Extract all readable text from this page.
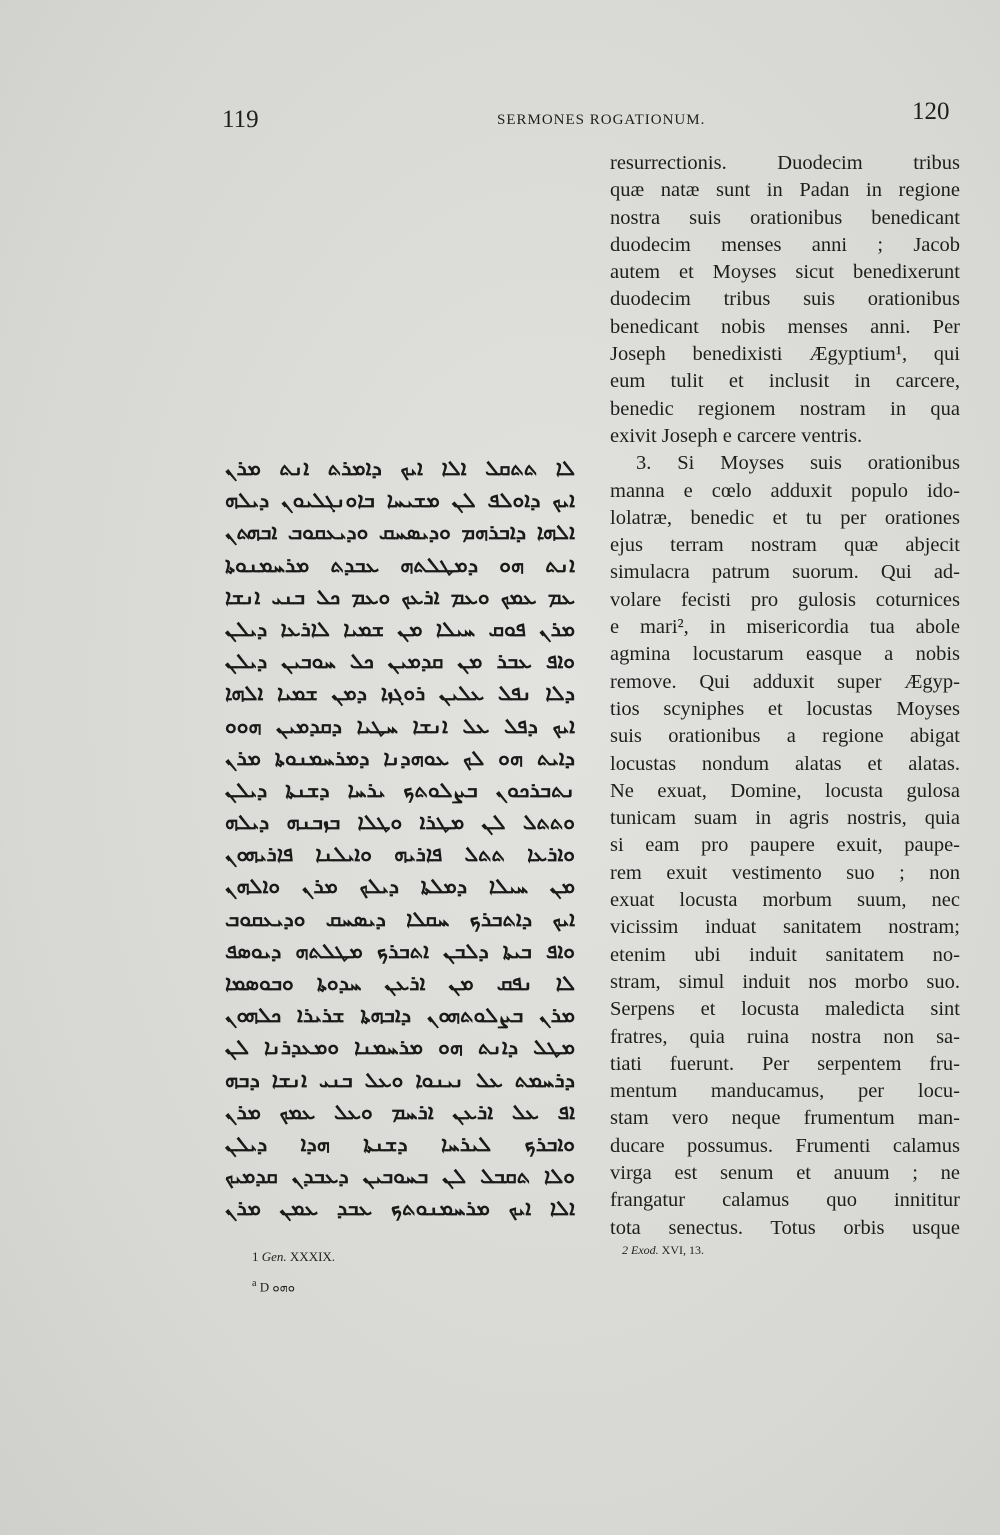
119	SERMONES ROGATIONUM.	120
ܠܐ ܬܬܩܠ ܐܠܐ ܐܝܟ ܕܐܡܪܬ ܐܢܬ ܡܪܢ
ܐܝܟ ܕܐܘܠܦ ܠܢ ܡܫܝܚܐ ܒܐܘܢܓܠܝܘܢ ܕܝܠܗ
ܐܠܗܐ ܕܐܒܪܗܡ ܘܕܝܣܚܩ ܘܕܝܥܩܘܒ ܐܒܗܬܢ
ܐܢܬ ܗܘ ܕܡܛܠܬܗ ܥܒܕܬ ܡܪܚܡܢܘܬܐ
ܥܡ ܥܡܟ ܘܥܡ ܐܪܥܟ ܘܥܡ ܟܠ ܒܢܝ ܐܢܫܐ
ܡܪܢ ܦܘܩ ܚܝܠܐ ܡܢ ܫܡܝܐ ܠܐܪܥܐ ܕܝܠܢ
ܘܐܦ ܥܒܪ ܡܢ ܩܕܡܝܢ ܟܠ ܚܘܒܝܢ ܕܝܠܢ
ܕܠܐ ܢܦܠ ܥܠܝܢ ܪܘܓܙܐ ܕܡܢ ܫܡܝܐ ܐܠܗܐ
ܐܝܟ ܕܦܠ ܥܠ ܐܢܫܐ ܚܛܝܐ ܕܩܕܡܝܢ ܗܘܘ
ܕܐܝܬ ܗܘ ܠܟ ܥܘܗܕܢܐ ܕܡܪܚܡܢܘܬܐ ܡܪܢ
ܢܬܒܪܟܘܢ ܒܨܠܘܬܟ ܝܪܚܐ ܕܫܢܬܐ ܕܝܠܢ
ܘܬܬܠ ܠܢ ܡܛܪܐ ܘܛܠܐ ܒܙܒܢܗ ܕܝܠܗ
ܘܐܪܥܐ ܬܬܠ ܦܐܪܝܗ ܘܐܝܠܢܐ ܦܐܪܝܗܘܢ
ܡܢ ܚܝܠܐ ܕܡܠܬܐ ܕܝܠܟ ܡܪܢ ܘܐܠܗܢ
ܐܝܟ ܕܐܬܒܪܟ ܚܩܠܐ ܕܝܣܚܩ ܘܕܝܥܩܘܒ
ܘܐܦ ܒܝܬܐ ܕܠܒܢ ܐܬܒܪܟ ܡܛܠܬܗ ܕܝܘܣܦ
ܠܐ ܢܦܩ ܡܢ ܐܪܥܢ ܚܕܘܬܐ ܘܒܘܣܡܐ
ܡܪܢ ܒܨܠܘܬܗܘܢ ܕܐܒܗܬܐ ܫܪܝܪܐ ܟܠܗܘܢ
ܡܛܠ ܕܐܢܬ ܗܘ ܡܪܚܡܢܐ ܘܡܥܕܪܢܐ ܠܢ
ܕܪܚܡܬ ܥܠ ܢܝܢܘܐ ܘܥܠ ܒܢܝ ܐܢܫܐ ܕܒܗ
ܐܦ ܥܠ ܐܪܥܢ ܐܪܚܡ ܘܥܠ ܥܡܟ ܡܪܢ
ܘܐܒܪܟ ܠܝܪܚܐ ܕܫܢܬܐ ܗܕܐ ܕܝܠܢ
ܘܠܐ ܬܩܒܠ ܠܢ ܒܚܘܒܝܢ ܕܥܒܕܢ ܩܕܡܝܟ
ܐܠܐ ܐܝܟ ܡܪܚܡܢܘܬܟ ܥܒܕ ܥܡܢ ܡܪܢ
resurrectionis. Duodecim tribus
quæ natæ sunt in Padan in regione
nostra suis orationibus benedicant
duodecim menses anni ; Jacob
autem et Moyses sicut benedixerunt
duodecim tribus suis orationibus
benedicant nobis menses anni. Per
Joseph benedixisti Ægyptium¹, qui
eum tulit et inclusit in carcere,
benedic regionem nostram in qua
exivit Joseph e carcere ventris.
3. Si Moyses suis orationibus
manna e cœlo adduxit populo ido-
lolatræ, benedic et tu per orationes
ejus terram nostram quæ abjecit
simulacra patrum suorum. Qui ad-
volare fecisti pro gulosis coturnices
e mari², in misericordia tua abole
agmina locustarum easque a nobis
remove. Qui adduxit super Ægyp-
tios scyniphes et locustas Moyses
suis orationibus a regione abigat
locustas nondum alatas et alatas.
Ne exuat, Domine, locusta gulosa
tunicam suam in agris nostris, quia
si eam pro paupere exuit, paupe-
rem exuit vestimento suo ; non
exuat locusta morbum suum, nec
vicissim induat sanitatem nostram;
etenim ubi induit sanitatem no-
stram, simul induit nos morbo suo.
Serpens et locusta maledicta sint
fratres, quia ruina nostra non sa-
tiati fuerunt. Per serpentem fru-
mentum manducamus, per locu-
stam vero neque frumentum man-
ducare possumus. Frumenti calamus
virga est senum et anuum ; ne
frangatur calamus quo innititur
tota senectus. Totus orbis usque
1 Gen. XXXIX.
$^a$ D ܘܗܘ
2 Exod. XVI, 13.
